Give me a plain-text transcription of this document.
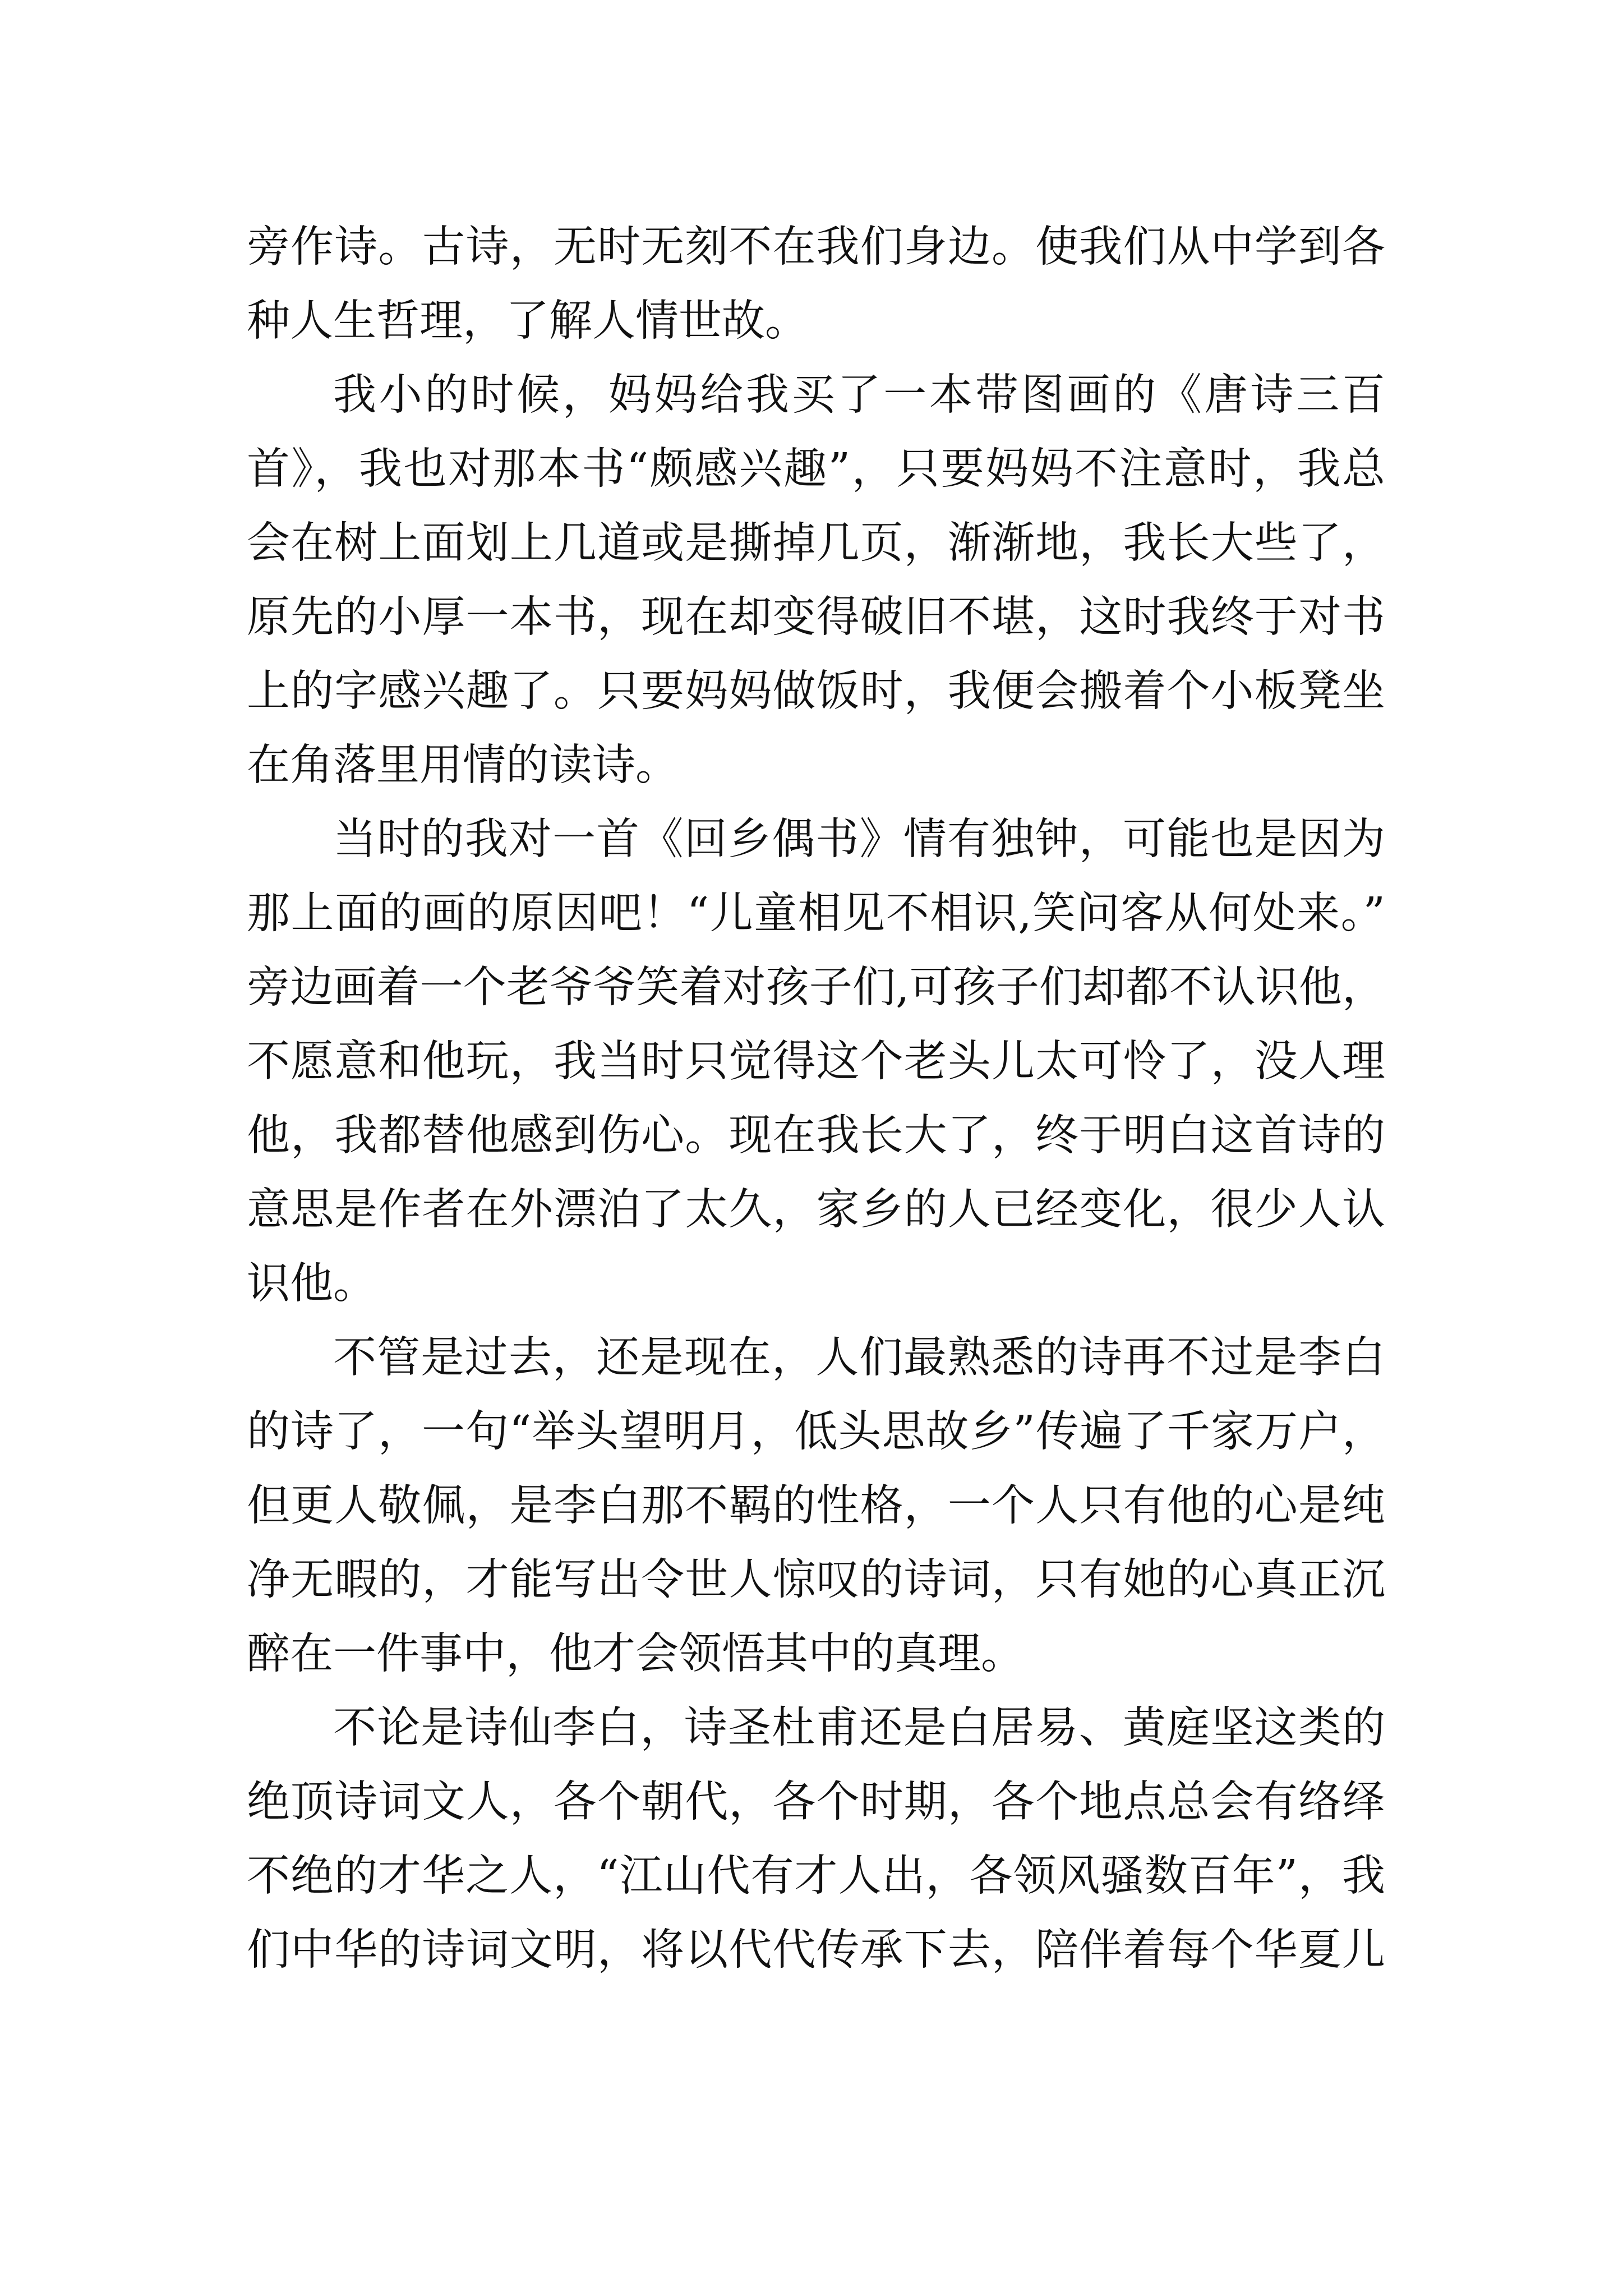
旁作诗。古诗，无时无刻不在我们身边。使我们从中学到各
种人生哲理，了解人情世故。
我小的时候，妈妈给我买了一本带图画的《唐诗三百
首》，我也对那本书“颇感兴趣”，只要妈妈不注意时，我总
会在树上面划上几道或是撕掉几页，渐渐地，我长大些了，
原先的小厚一本书，现在却变得破旧不堪，这时我终于对书
上的字感兴趣了。只要妈妈做饭时，我便会搬着个小板凳坐
在角落里用情的读诗。
当时的我对一首《回乡偶书》情有独钟，可能也是因为
那上面的画的原因吧！“儿童相见不相识,笑问客从何处来。”
旁边画着一个老爷爷笑着对孩子们,可孩子们却都不认识他，
不愿意和他玩，我当时只觉得这个老头儿太可怜了，没人理
他，我都替他感到伤心。现在我长大了，终于明白这首诗的
意思是作者在外漂泊了太久，家乡的人已经变化，很少人认
识他。
不管是过去，还是现在，人们最熟悉的诗再不过是李白
的诗了，一句“举头望明月，低头思故乡”传遍了千家万户，
但更人敬佩，是李白那不羁的性格，一个人只有他的心是纯
净无暇的，才能写出令世人惊叹的诗词，只有她的心真正沉
醉在一件事中，他才会领悟其中的真理。
不论是诗仙李白，诗圣杜甫还是白居易、黄庭坚这类的
绝顶诗词文人，各个朝代，各个时期，各个地点总会有络绎
不绝的才华之人，“江山代有才人出，各领风骚数百年”，我
们中华的诗词文明，将以代代传承下去，陪伴着每个华夏儿
